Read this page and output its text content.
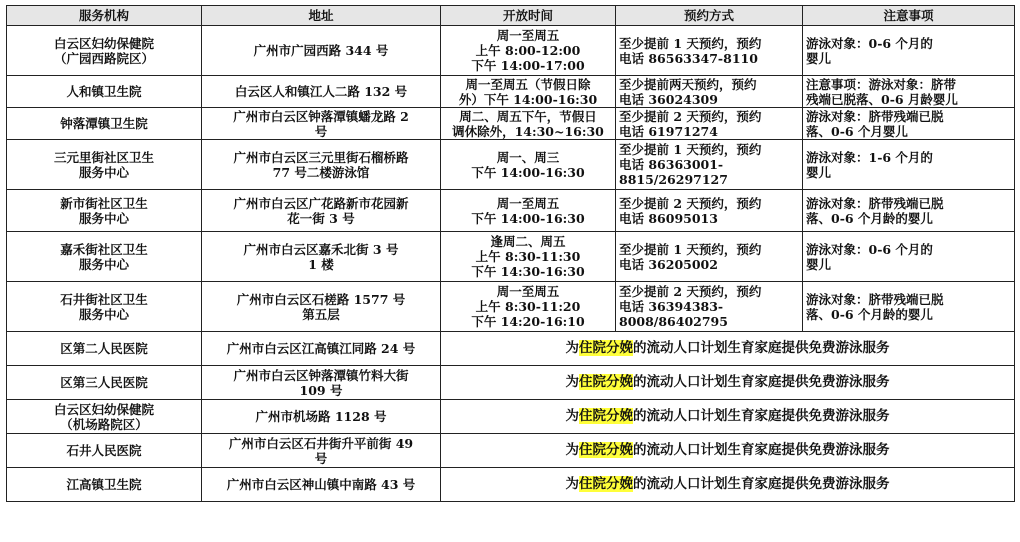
服务机构	地址	开放时间	预约方式	注意事项

白云区妇幼保健院
（广园西路院区）	广州市广园西路 344 号	周一至周五
上午 8:00-12:00
下午 14:00-17:00	至少提前 1 天预约，预约
电话 86563347-8110	游泳对象：0-6 个月的
婴儿

人和镇卫生院	白云区人和镇江人二路 132 号	周一至周五（节假日除
外）下午 14:00-16:30	至少提前两天预约，预约
电话 36024309	注意事项：游泳对象：脐带
残端已脱落、0-6 月龄婴儿

钟落潭镇卫生院	广州市白云区钟落潭镇蟠龙路 2
号	周二、周五下午，节假日
调休除外，14:30~16:30	至少提前 2 天预约，预约
电话 61971274	游泳对象：脐带残端已脱
落、0-6 个月婴儿

三元里街社区卫生
服务中心	广州市白云区三元里街石榴桥路
77 号二楼游泳馆	周一、周三
下午 14:00-16:30	至少提前 1 天预约，预约
电话 86363001-
8815/26297127	游泳对象：1-6 个月的
婴儿

新市街社区卫生
服务中心	广州市白云区广花路新市花园新
花一街 3 号	周一至周五
下午 14:00-16:30	至少提前 2 天预约，预约
电话 86095013	游泳对象：脐带残端已脱
落、0-6 个月龄的婴儿

嘉禾街社区卫生
服务中心	广州市白云区嘉禾北街 3 号
1 楼	逢周二、周五
上午 8:30-11:30
下午 14:30-16:30	至少提前 1 天预约，预约
电话 36205002	游泳对象：0-6 个月的
婴儿

石井街社区卫生
服务中心	广州市白云区石槎路 1577 号
第五层	周一至周五
上午 8:30-11:20
下午 14:20-16:10	至少提前 2 天预约，预约
电话 36394383-
8008/86402795	游泳对象：脐带残端已脱
落、0-6 个月龄的婴儿

区第二人民医院	广州市白云区江高镇江同路 24 号	为住院分娩的流动人口计划生育家庭提供免费游泳服务		

区第三人民医院	广州市白云区钟落潭镇竹料大街
109 号	为住院分娩的流动人口计划生育家庭提供免费游泳服务		

白云区妇幼保健院
（机场路院区）	广州市机场路 1128 号	为住院分娩的流动人口计划生育家庭提供免费游泳服务		

石井人民医院	广州市白云区石井街升平前街 49
号	为住院分娩的流动人口计划生育家庭提供免费游泳服务		

江高镇卫生院	广州市白云区神山镇中南路 43 号	为住院分娩的流动人口计划生育家庭提供免费游泳服务		
